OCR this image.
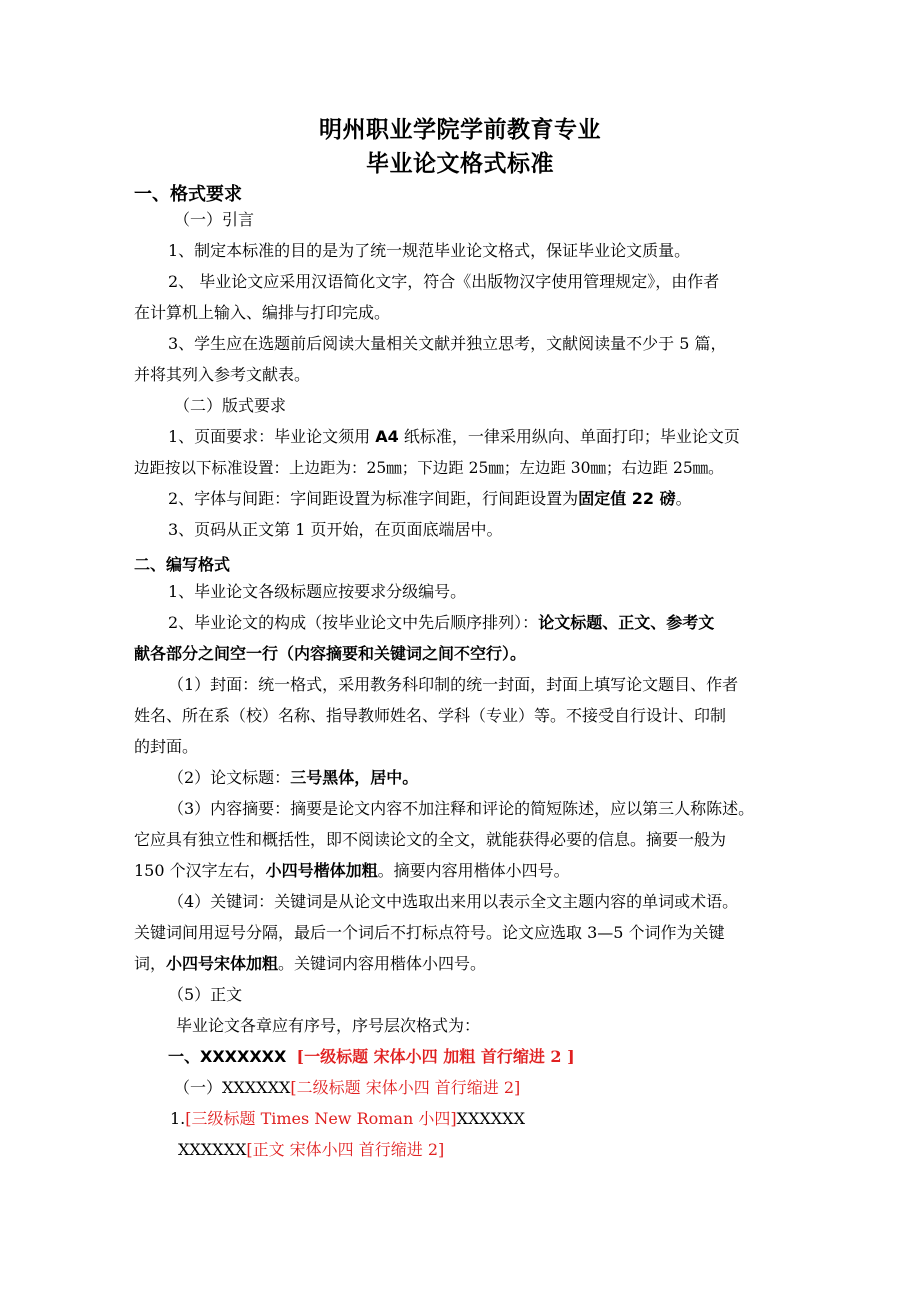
明州职业学院学前教育专业
毕业论文格式标准
一、格式要求
（一）引言
1、制定本标准的目的是为了统一规范毕业论文格式，保证毕业论文质量。
2、 毕业论文应采用汉语简化文字，符合《出版物汉字使用管理规定》，由作者
在计算机上输入、编排与打印完成。
3、学生应在选题前后阅读大量相关文献并独立思考，文献阅读量不少于 5 篇，
并将其列入参考文献表。
（二）版式要求
1、页面要求：毕业论文须用 A4 纸标准，一律采用纵向、单面打印；毕业论文页
边距按以下标准设置：上边距为：25㎜；下边距 25㎜；左边距 30㎜；右边距 25㎜。
2、字体与间距：字间距设置为标准字间距，行间距设置为固定值 22 磅。
3、页码从正文第 1 页开始，在页面底端居中。
二、编写格式
1、毕业论文各级标题应按要求分级编号。
2、毕业论文的构成（按毕业论文中先后顺序排列）：论文标题、正文、参考文
献各部分之间空一行（内容摘要和关键词之间不空行）。
（1）封面：统一格式，采用教务科印制的统一封面，封面上填写论文题目、作者
姓名、所在系（校）名称、指导教师姓名、学科（专业）等。不接受自行设计、印制
的封面。
（2）论文标题：三号黑体，居中。
（3）内容摘要：摘要是论文内容不加注释和评论的简短陈述，应以第三人称陈述。
它应具有独立性和概括性，即不阅读论文的全文，就能获得必要的信息。摘要一般为
150 个汉字左右，小四号楷体加粗。摘要内容用楷体小四号。
（4）关键词：关键词是从论文中选取出来用以表示全文主题内容的单词或术语。
关键词间用逗号分隔，最后一个词后不打标点符号。论文应选取 3—5 个词作为关键
词，小四号宋体加粗。关键词内容用楷体小四号。
（5）正文
毕业论文各章应有序号，序号层次格式为：
一、XXXXXXX [一级标题 宋体小四 加粗 首行缩进 2 ]
（一）XXXXXX[二级标题 宋体小四 首行缩进 2]
1.[三级标题 Times New Roman 小四]XXXXXX
XXXXXX[正文 宋体小四 首行缩进 2]
